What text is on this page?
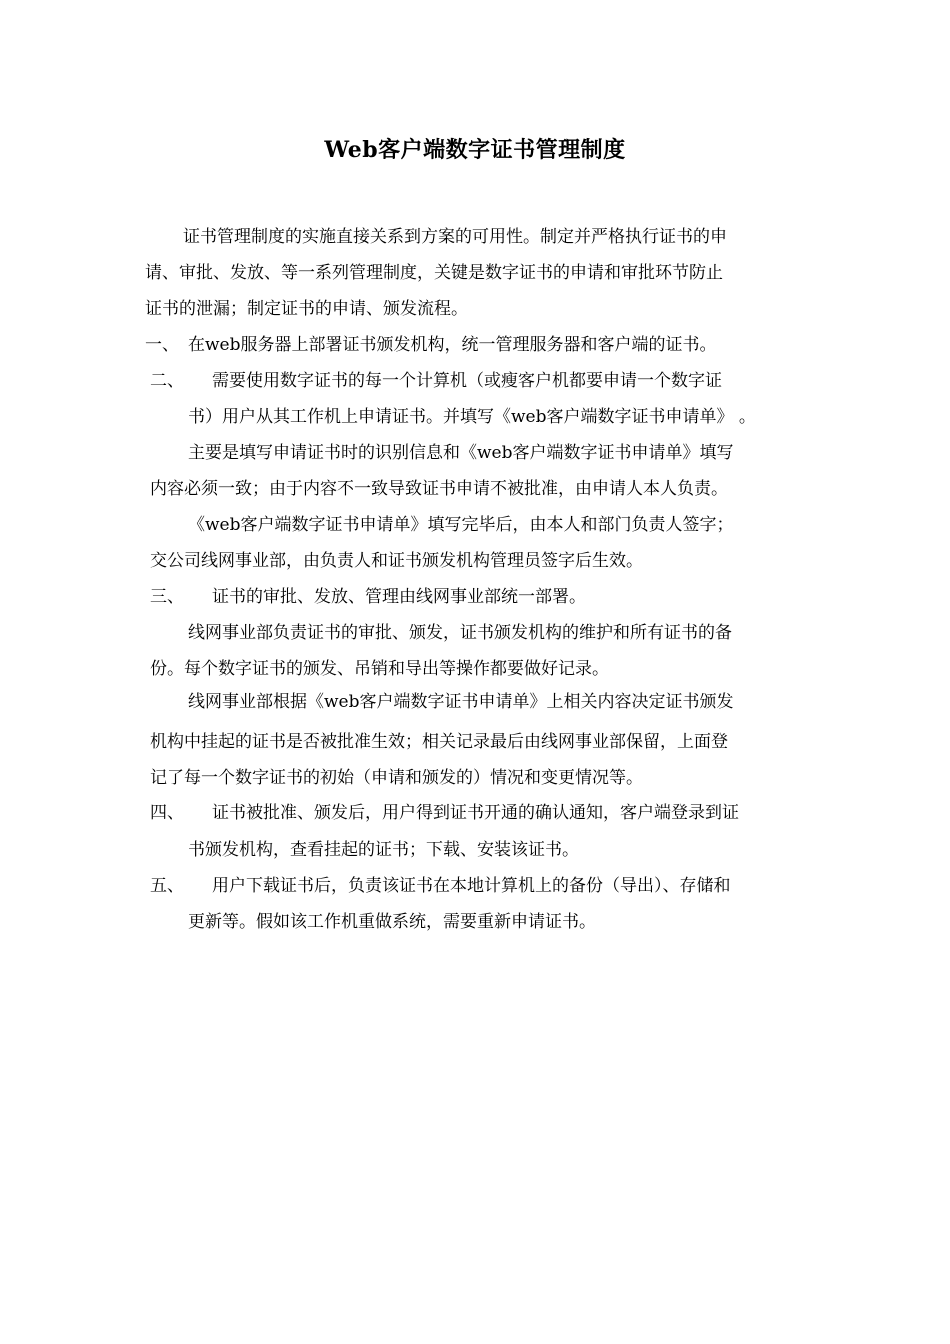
Web客户端数字证书管理制度
证书管理制度的实施直接关系到方案的可用性。制定并严格执行证书的申
请、审批、发放、等一系列管理制度，关键是数字证书的申请和审批环节防止
证书的泄漏；制定证书的申请、颁发流程。
一、 在web服务器上部署证书颁发机构，统一管理服务器和客户端的证书。
二、 需要使用数字证书的每一个计算机（或瘦客户机都要申请一个数字证
书）用户从其工作机上申请证书。并填写《web客户端数字证书申请单》 。
主要是填写申请证书时的识别信息和《web客户端数字证书申请单》填写
内容必须一致；由于内容不一致导致证书申请不被批准，由申请人本人负责。
《web客户端数字证书申请单》填写完毕后，由本人和部门负责人签字；
交公司线网事业部，由负责人和证书颁发机构管理员签字后生效。
三、 证书的审批、发放、管理由线网事业部统一部署。
线网事业部负责证书的审批、颁发，证书颁发机构的维护和所有证书的备
份。每个数字证书的颁发、吊销和导出等操作都要做好记录。
线网事业部根据《web客户端数字证书申请单》上相关内容决定证书颁发
机构中挂起的证书是否被批准生效；相关记录最后由线网事业部保留，上面登
记了每一个数字证书的初始（申请和颁发的）情况和变更情况等。
四、 证书被批准、颁发后，用户得到证书开通的确认通知，客户端登录到证
书颁发机构，查看挂起的证书；下载、安装该证书。
五、 用户下载证书后，负责该证书在本地计算机上的备份（导出）、存储和
更新等。假如该工作机重做系统，需要重新申请证书。
